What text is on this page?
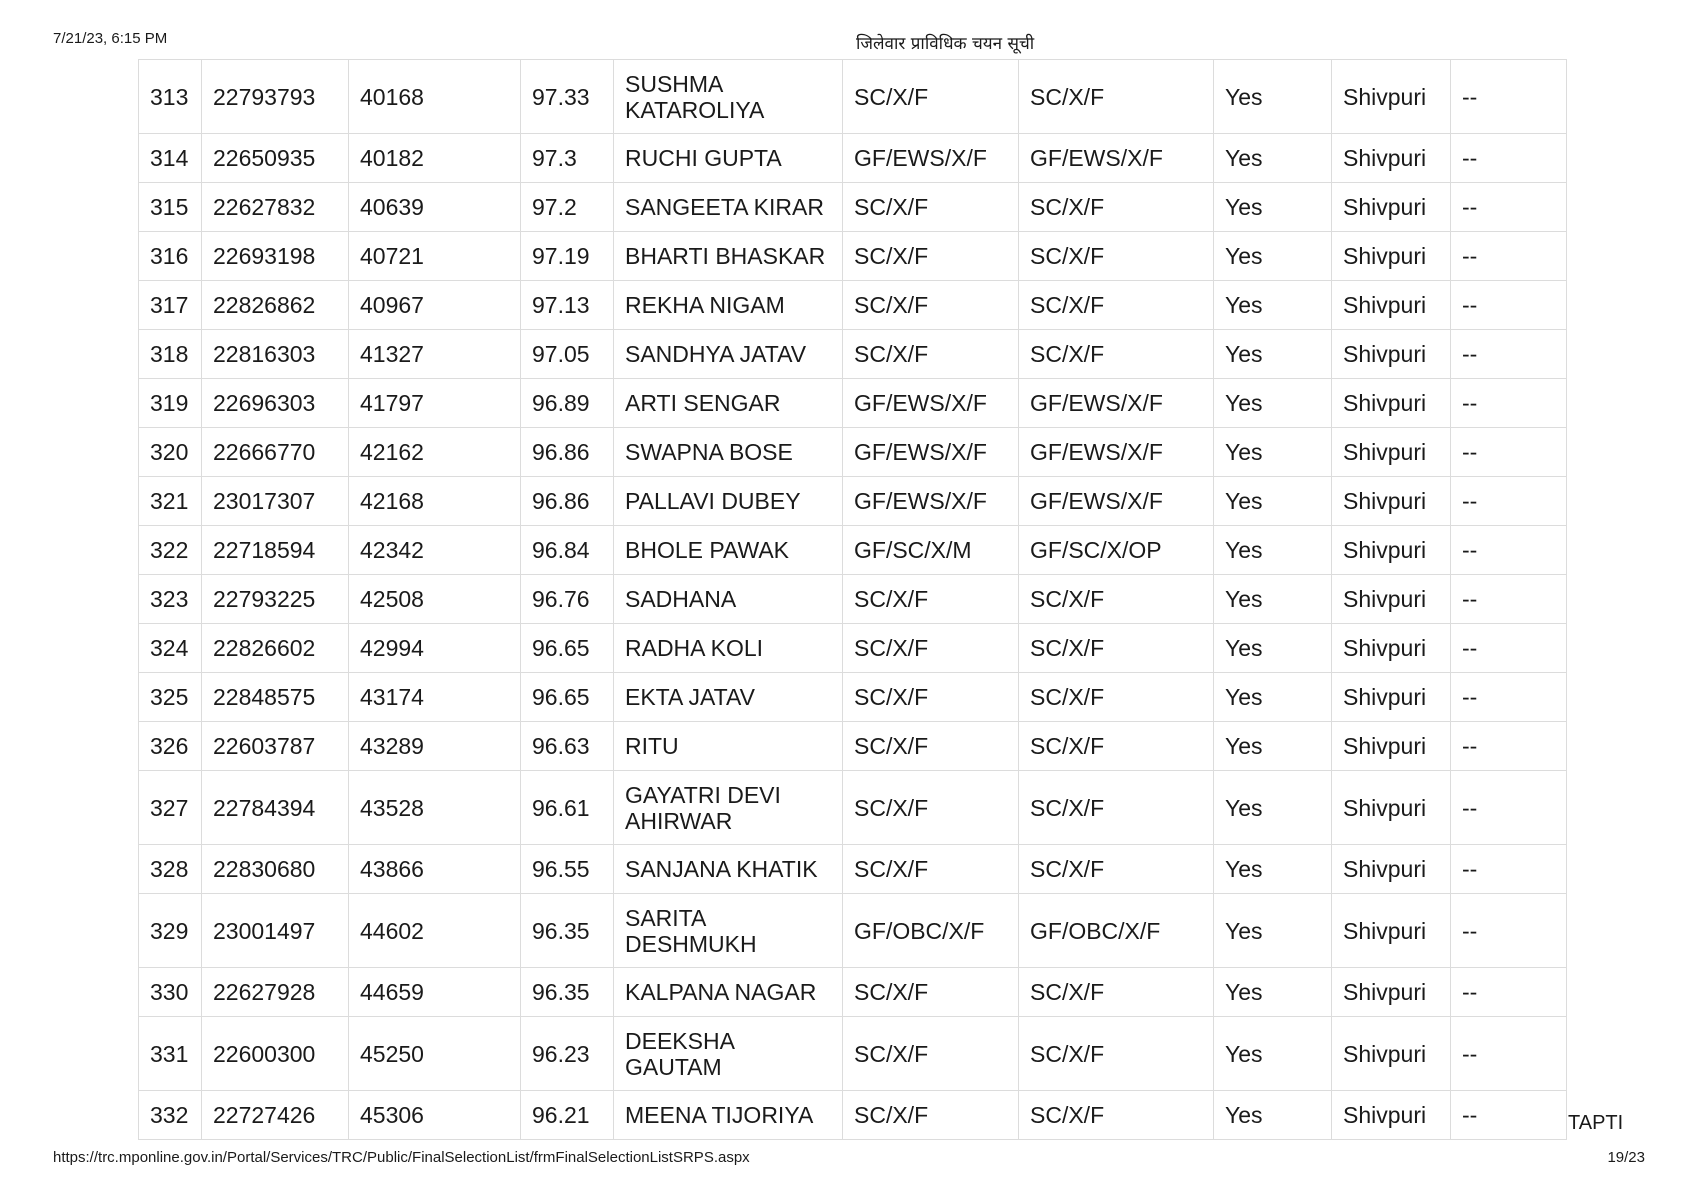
7/21/23, 6:15 PM	जिलेवार प्राविधिक चयन सूची
313	22793793	40168	97.33	SUSHMA KATAROLIYA	SC/X/F	SC/X/F	Yes	Shivpuri	--
314	22650935	40182	97.3	RUCHI GUPTA	GF/EWS/X/F	GF/EWS/X/F	Yes	Shivpuri	--
315	22627832	40639	97.2	SANGEETA KIRAR	SC/X/F	SC/X/F	Yes	Shivpuri	--
316	22693198	40721	97.19	BHARTI BHASKAR	SC/X/F	SC/X/F	Yes	Shivpuri	--
317	22826862	40967	97.13	REKHA NIGAM	SC/X/F	SC/X/F	Yes	Shivpuri	--
318	22816303	41327	97.05	SANDHYA JATAV	SC/X/F	SC/X/F	Yes	Shivpuri	--
319	22696303	41797	96.89	ARTI SENGAR	GF/EWS/X/F	GF/EWS/X/F	Yes	Shivpuri	--
320	22666770	42162	96.86	SWAPNA BOSE	GF/EWS/X/F	GF/EWS/X/F	Yes	Shivpuri	--
321	23017307	42168	96.86	PALLAVI DUBEY	GF/EWS/X/F	GF/EWS/X/F	Yes	Shivpuri	--
322	22718594	42342	96.84	BHOLE PAWAK	GF/SC/X/M	GF/SC/X/OP	Yes	Shivpuri	--
323	22793225	42508	96.76	SADHANA	SC/X/F	SC/X/F	Yes	Shivpuri	--
324	22826602	42994	96.65	RADHA KOLI	SC/X/F	SC/X/F	Yes	Shivpuri	--
325	22848575	43174	96.65	EKTA JATAV	SC/X/F	SC/X/F	Yes	Shivpuri	--
326	22603787	43289	96.63	RITU	SC/X/F	SC/X/F	Yes	Shivpuri	--
327	22784394	43528	96.61	GAYATRI DEVI AHIRWAR	SC/X/F	SC/X/F	Yes	Shivpuri	--
328	22830680	43866	96.55	SANJANA KHATIK	SC/X/F	SC/X/F	Yes	Shivpuri	--
329	23001497	44602	96.35	SARITA DESHMUKH	GF/OBC/X/F	GF/OBC/X/F	Yes	Shivpuri	--
330	22627928	44659	96.35	KALPANA NAGAR	SC/X/F	SC/X/F	Yes	Shivpuri	--
331	22600300	45250	96.23	DEEKSHA GAUTAM	SC/X/F	SC/X/F	Yes	Shivpuri	--
332	22727426	45306	96.21	MEENA TIJORIYA	SC/X/F	SC/X/F	Yes	Shivpuri	--	TAPTI
https://trc.mponline.gov.in/Portal/Services/TRC/Public/FinalSelectionList/frmFinalSelectionListSRPS.aspx	19/23
